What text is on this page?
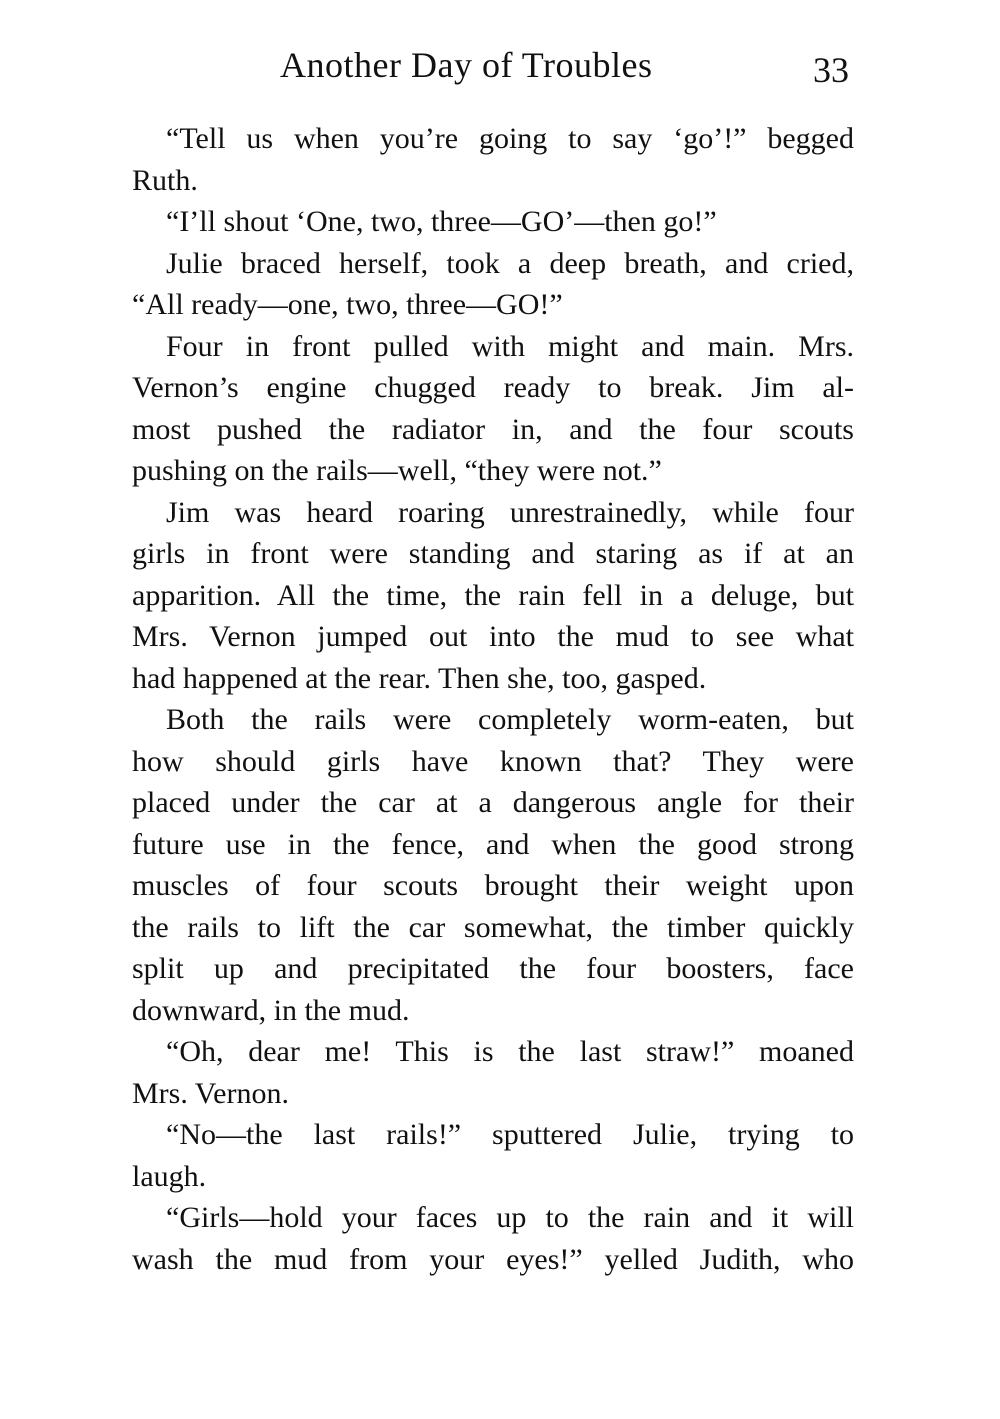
Another Day of Troubles	33
“Tell us when you’re going to say ‘go’!” begged
Ruth.
“I’ll shout ‘One, two, three—GO’—then go!”
Julie braced herself, took a deep breath, and cried,
“All ready—one, two, three—GO!”
Four in front pulled with might and main. Mrs.
Vernon’s engine chugged ready to break. Jim al-
most pushed the radiator in, and the four scouts
pushing on the rails—well, “they were not.”
Jim was heard roaring unrestrainedly, while four
girls in front were standing and staring as if at an
apparition. All the time, the rain fell in a deluge, but
Mrs. Vernon jumped out into the mud to see what
had happened at the rear. Then she, too, gasped.
Both the rails were completely worm-eaten, but
how should girls have known that? They were
placed under the car at a dangerous angle for their
future use in the fence, and when the good strong
muscles of four scouts brought their weight upon
the rails to lift the car somewhat, the timber quickly
split up and precipitated the four boosters, face
downward, in the mud.
“Oh, dear me! This is the last straw!” moaned
Mrs. Vernon.
“No—the last rails!” sputtered Julie, trying to
laugh.
“Girls—hold your faces up to the rain and it will
wash the mud from your eyes!” yelled Judith, who
